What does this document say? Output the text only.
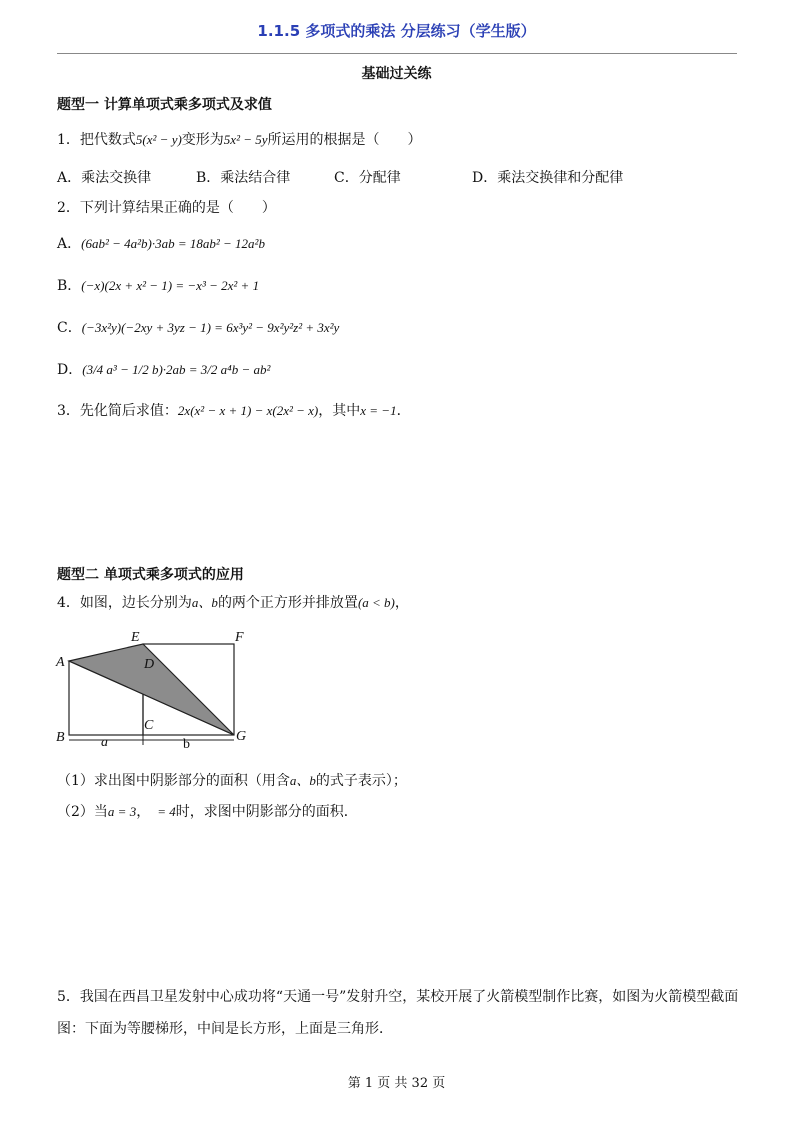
1.1.5 多项式的乘法 分层练习（学生版）
基础过关练
题型一 计算单项式乘多项式及求值
1．把代数式5(x² − y)变形为5x² − 5y所运用的根据是（　　）
A．乘法交换律	B．乘法结合律	C．分配律	D．乘法交换律和分配律
2．下列计算结果正确的是（　　）
A．(6ab² − 4a²b)·3ab = 18ab² − 12a²b
B．(−x)(2x + x² − 1) = −x³ − 2x² + 1
C．(−3x²y)(−2xy + 3yz − 1) = 6x³y² − 9x²y²z² + 3x²y
D．(3/4 a³ − 1/2 b)·2ab = 3/2 a⁴b − ab²
3．先化简后求值：2x(x² − x + 1) − x(2x² − x)，其中x = −1．
题型二 单项式乘多项式的应用
4．如图，边长分别为a、b的两个正方形并排放置(a < b)，
A
B
C
D
E	F
G
a	b
（1）求出图中阴影部分的面积（用含a、b的式子表示）；
（2）当a = 3，　= 4时，求图中阴影部分的面积．
5．我国在西昌卫星发射中心成功将“天通一号”发射升空，某校开展了火箭模型制作比赛，如图为火箭模型截面图：下面为等腰梯形，中间是长方形，上面是三角形．
第 1 页 共 32 页
